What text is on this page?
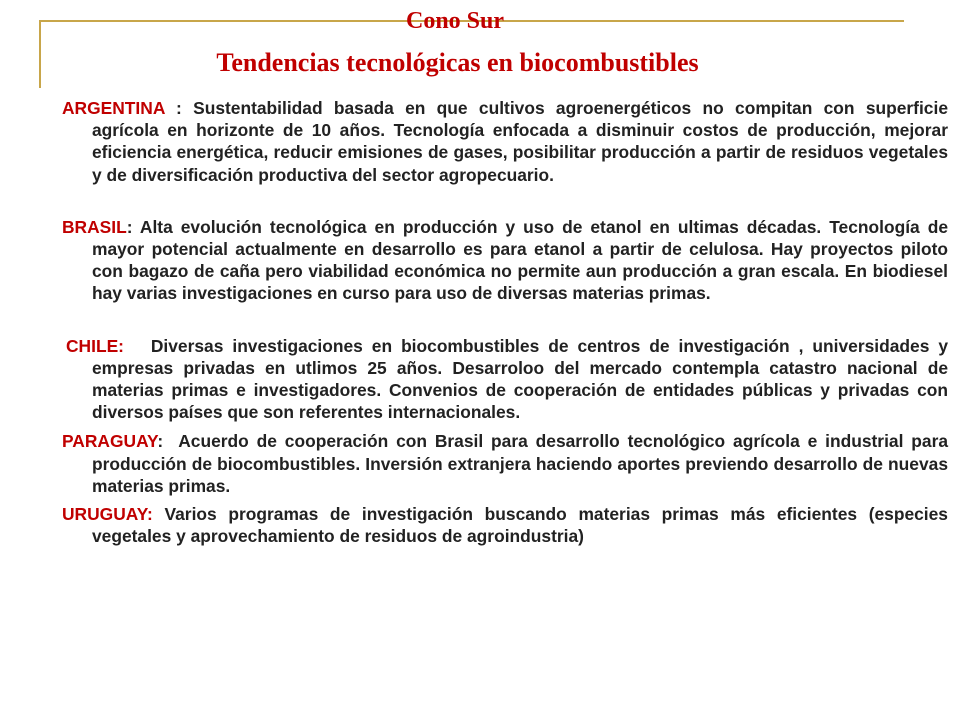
Cono Sur
Tendencias tecnológicas en biocombustibles

ARGENTINA : Sustentabilidad basada en que cultivos agroenergéticos no compitan con superficie agrícola en horizonte de 10 años. Tecnología enfocada a disminuir costos de producción, mejorar eficiencia energética, reducir emisiones de gases, posibilitar producción a partir de residuos vegetales y de diversificación productiva del sector agropecuario.

BRASIL: Alta evolución tecnológica en producción y uso de etanol en ultimas décadas. Tecnología de mayor potencial actualmente en desarrollo es para etanol a partir de celulosa. Hay proyectos piloto con bagazo de caña pero viabilidad económica no permite aun producción a gran escala. En biodiesel hay varias investigaciones en curso para uso de diversas materias primas.

CHILE: Diversas investigaciones en biocombustibles de centros de investigación , universidades y empresas privadas en utlimos 25 años. Desarroloo del mercado contempla catastro nacional de materias primas e investigadores. Convenios de cooperación de entidades públicas y privadas con diversos países que son referentes internacionales.

PARAGUAY:  Acuerdo de cooperación con Brasil para desarrollo tecnológico agrícola e industrial para producción de biocombustibles. Inversión extranjera haciendo aportes previendo desarrollo de nuevas materias primas.

URUGUAY: Varios programas de investigación buscando materias primas más eficientes (especies vegetales y aprovechamiento de residuos de agroindustria)
